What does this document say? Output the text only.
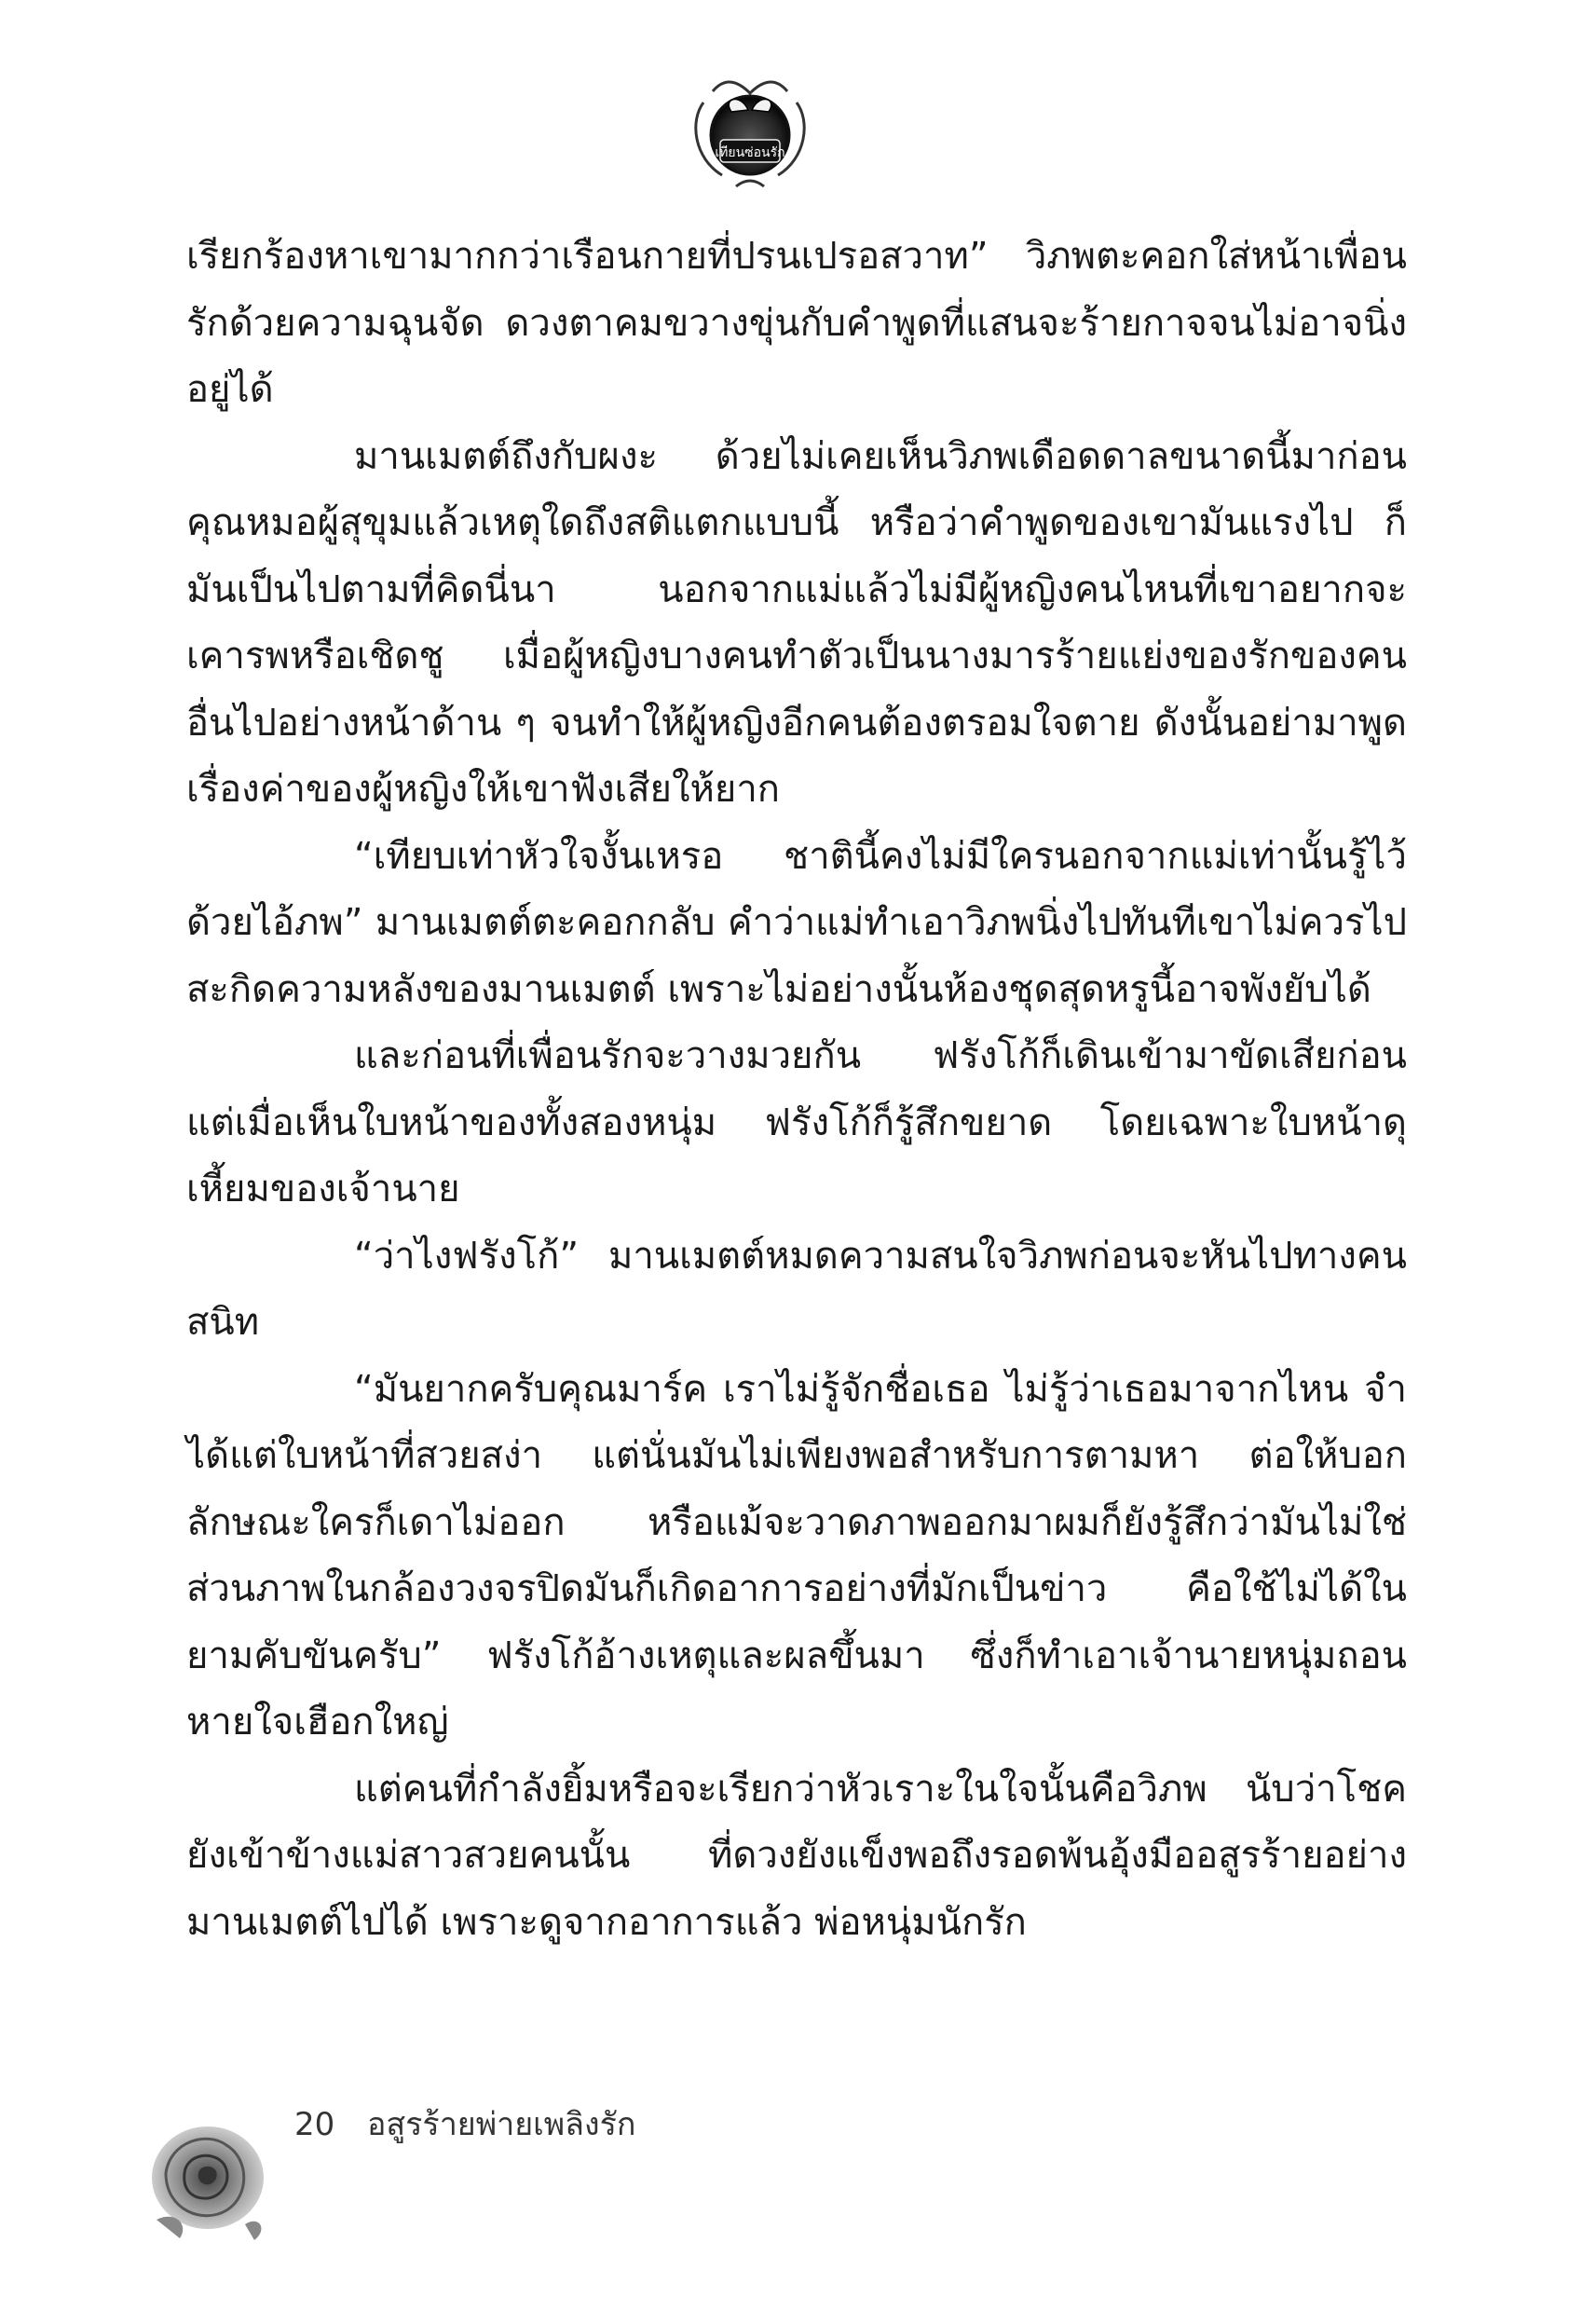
เทียนซ่อนรัก

เรียกร้องหาเขามากกว่าเรือนกายที่ปรนเปรอสวาท” วิภพตะคอกใส่หน้าเพื่อนรักด้วยความฉุนจัด ดวงตาคมขวางขุ่นกับคำพูดที่แสนจะร้ายกาจจนไม่อาจนิ่งอยู่ได้

มานเมตต์ถึงกับผงะ ด้วยไม่เคยเห็นวิภพเดือดดาลขนาดนี้มาก่อน คุณหมอผู้สุขุมแล้วเหตุใดถึงสติแตกแบบนี้ หรือว่าคำพูดของเขามันแรงไป ก็มันเป็นไปตามที่คิดนี่นา นอกจากแม่แล้วไม่มีผู้หญิงคนไหนที่เขาอยากจะเคารพหรือเชิดชู เมื่อผู้หญิงบางคนทำตัวเป็นนางมารร้ายแย่งของรักของคนอื่นไปอย่างหน้าด้าน ๆ จนทำให้ผู้หญิงอีกคนต้องตรอมใจตาย ดังนั้นอย่ามาพูดเรื่องค่าของผู้หญิงให้เขาฟังเสียให้ยาก

“เทียบเท่าหัวใจงั้นเหรอ ชาตินี้คงไม่มีใครนอกจากแม่เท่านั้นรู้ไว้ด้วยไอ้ภพ” มานเมตต์ตะคอกกลับ คำว่าแม่ทำเอาวิภพนิ่งไปทันทีเขาไม่ควรไปสะกิดความหลังของมานเมตต์ เพราะไม่อย่างนั้นห้องชุดสุดหรูนี้อาจพังยับได้

และก่อนที่เพื่อนรักจะวางมวยกัน ฟรังโก้ก็เดินเข้ามาขัดเสียก่อน แต่เมื่อเห็นใบหน้าของทั้งสองหนุ่ม ฟรังโก้ก็รู้สึกขยาด โดยเฉพาะใบหน้าดุเหี้ยมของเจ้านาย

“ว่าไงฟรังโก้” มานเมตต์หมดความสนใจวิภพก่อนจะหันไปทางคนสนิท

“มันยากครับคุณมาร์ค เราไม่รู้จักชื่อเธอ ไม่รู้ว่าเธอมาจากไหน จำได้แต่ใบหน้าที่สวยสง่า แต่นั่นมันไม่เพียงพอสำหรับการตามหา ต่อให้บอกลักษณะใครก็เดาไม่ออก หรือแม้จะวาดภาพออกมาผมก็ยังรู้สึกว่ามันไม่ใช่ ส่วนภาพในกล้องวงจรปิดมันก็เกิดอาการอย่างที่มักเป็นข่าว คือใช้ไม่ได้ในยามคับขันครับ” ฟรังโก้อ้างเหตุและผลขึ้นมา ซึ่งก็ทำเอาเจ้านายหนุ่มถอนหายใจเฮือกใหญ่

แต่คนที่กำลังยิ้มหรือจะเรียกว่าหัวเราะในใจนั้นคือวิภพ นับว่าโชคยังเข้าข้างแม่สาวสวยคนนั้น ที่ดวงยังแข็งพอถึงรอดพ้นอุ้งมืออสูรร้ายอย่างมานเมตต์ไปได้ เพราะดูจากอาการแล้ว พ่อหนุ่มนักรัก

20 อสูรร้ายพ่ายเพลิงรัก
